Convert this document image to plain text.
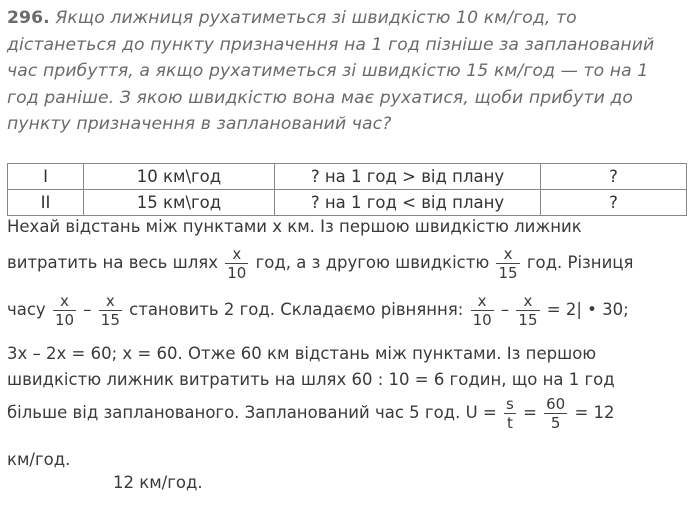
296. Якщо лижниця рухатиметься зі швидкістю 10 км/год, то
дістанеться до пункту призначення на 1 год пізніше за запланований
час прибуття, а якщо рухатиметься зі швидкістю 15 км/год — то на 1
год раніше. З якою швидкістю вона має рухатися, щоби прибути до
пункту призначення в запланований час?
I	10 км\год	? на 1 год > від плану	?
II	15 км\год	? на 1 год < від плану	?
Нехай відстань між пунктами х км. Із першою швидкістю лижник
витратить на весь шлях $\frac{x}{10}$ год, а з другою швидкістю $\frac{x}{15}$ год. Різниця
часу $\frac{x}{10} - \frac{x}{15}$ становить 2 год. Складаємо рівняння: $\frac{x}{10} - \frac{x}{15} = 2|$ • 30;
3х – 2х = 60; х = 60. Отже 60 км відстань між пунктами. Із першою
швидкістю лижник витратить на шлях 60 : 10 = 6 годин, що на 1 год
більше від запланованого. Запланований час 5 год. $U = \frac{s}{t} = \frac{60}{5} = 12$
км/год.
12 км/год.
